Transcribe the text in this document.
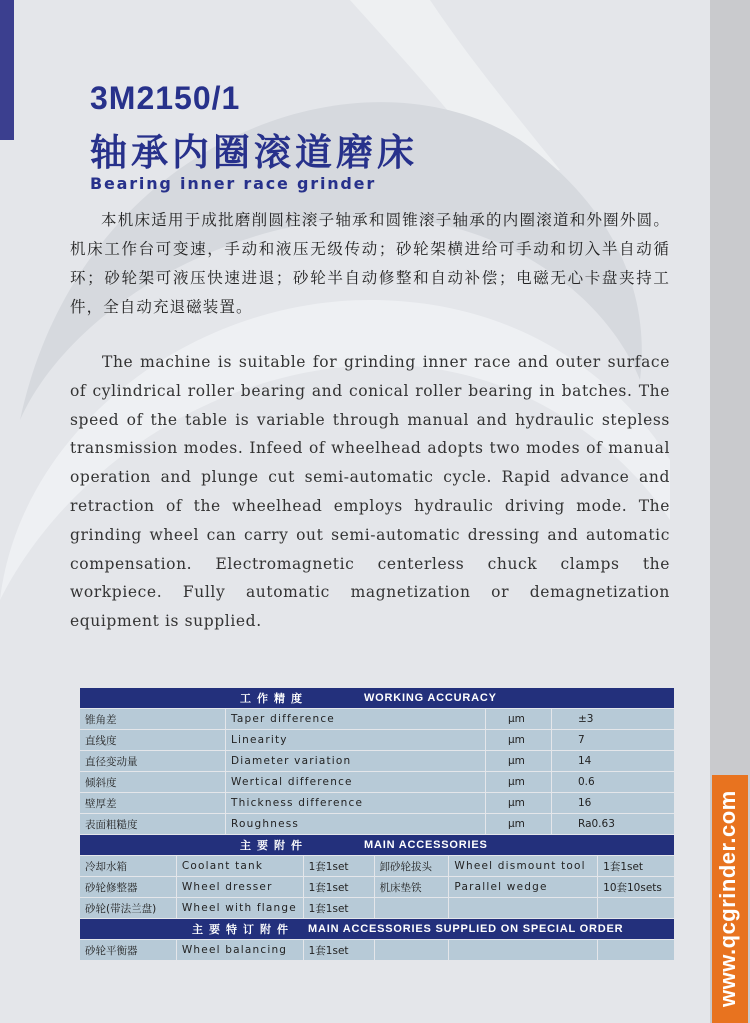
www.qcgrinder.com
3M2150/1
轴承内圈滚道磨床
Bearing inner race grinder

本机床适用于成批磨削圆柱滚子轴承和圆锥滚子轴承的内圈滚道和外圈外圆。机床工作台可变速，手动和液压无级传动；砂轮架横进给可手动和切入半自动循环；砂轮架可液压快速进退；砂轮半自动修整和自动补偿；电磁无心卡盘夹持工件，全自动充退磁装置。

The machine is suitable for grinding inner race and outer surface of cylindrical roller bearing and conical roller bearing in batches. The speed of the table is variable through manual and hydraulic stepless transmission modes. Infeed of wheelhead adopts two modes of manual operation and plunge cut semi-automatic cycle. Rapid advance and retraction of the wheelhead employs hydraulic driving mode. The grinding wheel can carry out semi-automatic dressing and automatic compensation. Electromagnetic centerless chuck clamps the workpiece. Fully automatic magnetization or demagnetization equipment is supplied.

工作精度	WORKING ACCURACY
锥角差	Taper difference	μm	±3
直线度	Linearity	μm	7
直径变动量	Diameter variation	μm	14
倾斜度	Wertical difference	μm	0.6
壁厚差	Thickness difference	μm	16
表面粗糙度	Roughness	μm	Ra0.63
主要附件	MAIN ACCESSORIES
冷却水箱	Coolant tank	1套1set	卸砂轮拔头	Wheel dismount tool	1套1set
砂轮修整器	Wheel dresser	1套1set	机床垫铁	Parallel wedge	10套10sets
砂轮(带法兰盘)	Wheel with flange	1套1set
主要特订附件 MAIN ACCESSORIES SUPPLIED ON SPECIAL ORDER
砂轮平衡器	Wheel balancing	1套1set
